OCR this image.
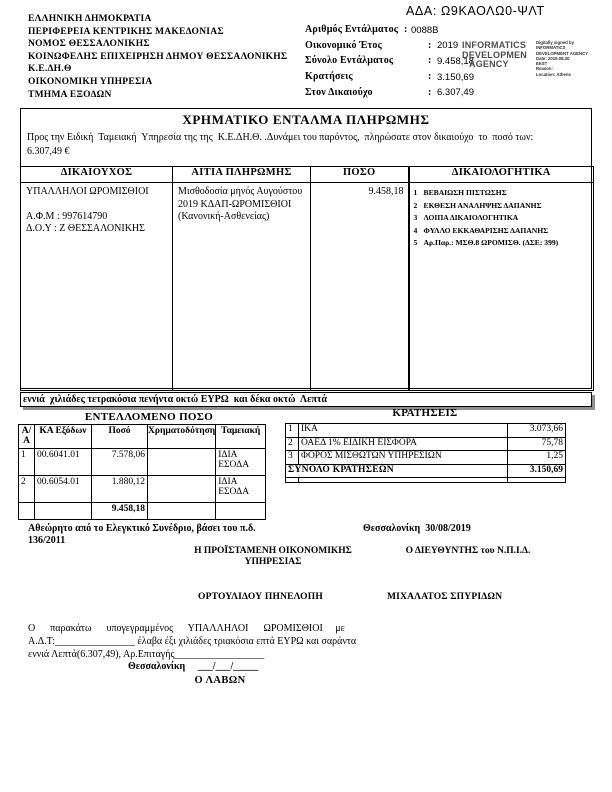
ΑΔΑ: Ω9ΚΑΟΛΩ0-ΨΛΤ
ΕΛΛΗΝΙΚΗ ΔΗΜΟΚΡΑΤΙΑ
ΠΕΡΙΦΕΡΕΙΑ ΚΕΝΤΡΙΚΗΣ ΜΑΚΕΔΟΝΙΑΣ
ΝΟΜΟΣ ΘΕΣΣΑΛΟΝΙΚΗΣ
ΚΟΙΝΩΦΕΛΗΣ ΕΠΙΧΕΙΡΗΣΗ ΔΗΜΟΥ ΘΕΣΣΑΛΟΝΙΚΗΣ
Κ.Ε.ΔΗ.Θ
ΟΙΚΟΝΟΜΙΚΗ ΥΠΗΡΕΣΙΑ
ΤΜΗΜΑ ΕΞΟΔΩΝ
Αριθμός Εντάλματος : 0088Β
Οικονομικό Έτος	: 2019
Σύνολο Εντάλματος	: 9.458,18
Κρατήσεις	: 3.150,69
Στον Δικαιούχο	: 6.307,49
INFORMATICS
DEVELOPMEN
AGENCY
Digitally signed by
INFORMATICS
DEVELOPMENT AGENCY
Date: 2019.08.30
EEST
Reason:
Location: Athens
ΧΡΗΜΑΤΙΚΟ ΕΝΤΑΛΜΑ ΠΛΗΡΩΜΗΣ
Προς την Ειδική  Ταμειακή  Υπηρεσία της της  Κ.Ε.ΔΗ.Θ. .Δυνάμει του παρόντος,  πληρώσατε στον δικαιούχο  το  ποσό των:
6.307,49 €
ΔΙΚΑΙΟΥΧΟΣ	ΑΙΤΙΑ ΠΛΗΡΩΜΗΣ	ΠΟΣΟ	ΔΙΚΑΙΟΛΟΓΗΤΙΚΑ

ΥΠΑΛΛΗΛΟΙ ΩΡΟΜΙΣΘΙΟΙ
Α.Φ.Μ : 997614790
Δ.Ο.Υ : Ζ ΘΕΣΣΑΛΟΝΙΚΗΣ

Μισθοδοσία μηνός Αυγούστου
2019 ΚΔΑΠ-ΩΡΟΜΙΣΘΙΟΙ
(Κανονική-Ασθενείας)
	9.458,18	1 ΒΕΒΑΙΩΣΗ ΠΙΣΤΩΣΗΣ
2 ΕΚΘΕΣΗ ΑΝΑΛΗΨΗΣ ΔΑΠΑΝΗΣ
3 ΛΟΙΠΑ ΔΙΚΑΙΟΛΟΓΗΤΙΚΑ
4 ΦΥΛΛΟ ΕΚΚΑΘΑΡΙΣΗΣ ΔΑΠΑΝΗΣ
5 Αρ.Παρ.: ΜΣΘ.8 ΩΡΟΜΙΣΘ. (ΔΣΕ: 399)
εννιά  χιλιάδες τετρακόσια πενήντα οκτώ ΕΥΡΩ  και δέκα οκτώ  Λεπτά
ΕΝΤΕΛΛΟΜΕΝΟ ΠΟΣΟ	ΚΡΑΤΗΣΕΙΣ
Α/Α	ΚΑ Εξόδων	Ποσό	Χρηματοδότηση	Ταμειακή
1	00.6041.01	7.578,06		ΙΔΙΑ ΕΣΟΔΑ
2	00.6054.01	1.880,12		ΙΔΙΑ ΕΣΟΔΑ
		9.458,18		
1	ΙΚΑ	3.073,66
2	ΟΑΕΔ 1% ΕΙΔΙΚΗ ΕΙΣΦΟΡΑ	75,78
3	ΦΟΡΟΣ ΜΙΣΘΩΤΩΝ ΥΠΗΡΕΣΙΩΝ	1,25
ΣΥΝΟΛΟ ΚΡΑΤΗΣΕΩΝ		3.150,69

Αθεώρητο από το Ελεγκτικό Συνέδριο, βάσει του π.δ.
136/2011
Θεσσαλονίκη  30/08/2019
Η ΠΡΟΪΣΤΑΜΕΝΗ ΟΙΚΟΝΟΜΙΚΗΣ
ΥΠΗΡΕΣΙΑΣ
Ο ΔΙΕΥΘΥΝΤΗΣ του Ν.Π.Ι.Δ.
ΟΡΤΟΥΛΙΔΟΥ ΠΗΝΕΛΟΠΗ	ΜΙΧΑΛΑΤΟΣ ΣΠΥΡΙΔΩΝ
Ο      παρακάτω      υπογεγραμμένος      ΥΠΑΛΛΗΛΟΙ      ΩΡΟΜΙΣΘΙΟΙ     με
Α.Δ.Τ:________________ έλαβα έξι χιλιάδες τριακόσια επτά ΕΥΡΩ και σαράντα
εννιά Λεπτά(6.307,49), Αρ.Επιταγής__________________
Θεσσαλονίκη     ___/___/_____
Ο ΛΑΒΩΝ
